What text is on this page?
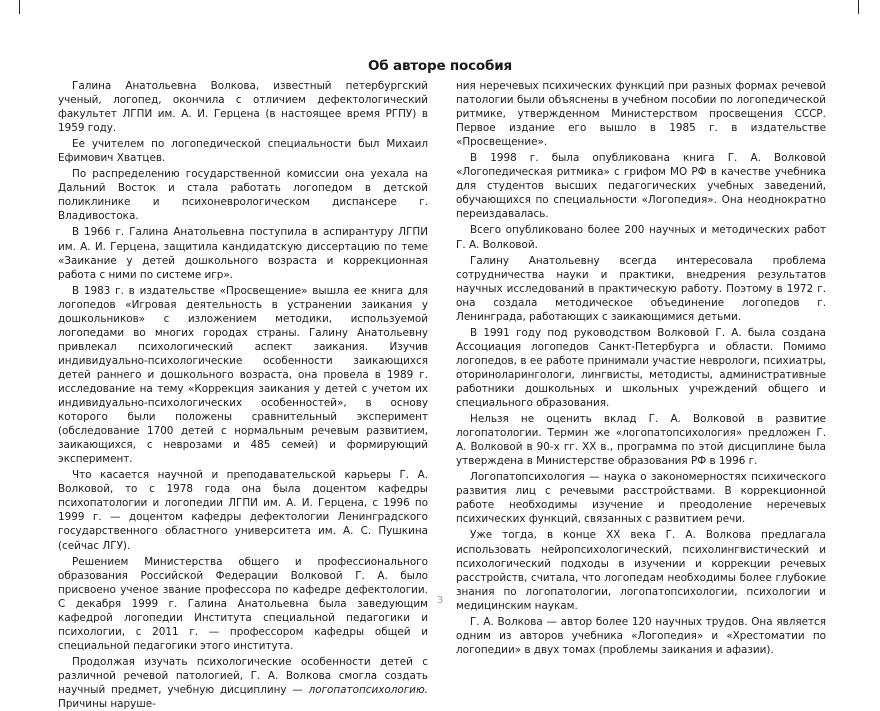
Об авторе пособия

Галина Анатольевна Волкова, известный петербургский ученый, логопед, окончила с отличием дефектологический факультет ЛГПИ им. А. И. Герцена (в настоящее время РГПУ) в 1959 году.

Ее учителем по логопедической специальности был Михаил Ефимович Хватцев.

По распределению государственной комиссии она уехала на Дальний Восток и стала работать логопедом в детской поликлинике и психоневрологическом диспансере г. Владивостока.

В 1966 г. Галина Анатольевна поступила в аспирантуру ЛГПИ им. А. И. Герцена, защитила кандидатскую диссертацию по теме «Заикание у детей дошкольного возраста и коррекционная работа с ними по системе игр».

В 1983 г. в издательстве «Просвещение» вышла ее книга для логопедов «Игровая деятельность в устранении заикания у дошкольников» с изложением методики, используемой логопедами во многих городах страны. Галину Анатольевну привлекал психологический аспект заикания. Изучив индивидуально-психологические особенности заикающихся детей раннего и дошкольного возраста, она провела в 1989 г. исследование на тему «Коррекция заикания у детей с учетом их индивидуально-психологических особенностей», в основу которого были положены сравнительный эксперимент (обследование 1700 детей с нормальным речевым развитием, заикающихся, с неврозами и 485 семей) и формирующий эксперимент.

Что касается научной и преподавательской карьеры Г. А. Волковой, то с 1978 года она была доцентом кафедры психопатологии и логопедии ЛГПИ им. А. И. Герцена, с 1996 по 1999 г. — доцентом кафедры дефектологии Ленинградского государственного областного университета им. А. С. Пушкина (сейчас ЛГУ).

Решением Министерства общего и профессионального образования Российской Федерации Волковой Г. А. было присвоено ученое звание профессора по кафедре дефектологии. С декабря 1999 г. Галина Анатольевна была заведующим кафедрой логопедии Института специальной педагогики и психологии, с 2011 г. — профессором кафедры общей и специальной педагогики этого института.

Продолжая изучать психологические особенности детей с различной речевой патологией, Г. А. Волкова смогла создать научный предмет, учебную дисциплину — логопатопсихологию. Причины наруше-

ния неречевых психических функций при разных формах речевой патологии были объяснены в учебном пособии по логопедической ритмике, утвержденном Министерством просвещения СССР. Первое издание его вышло в 1985 г. в издательстве «Просвещение».

В 1998 г. была опубликована книга Г. А. Волковой «Логопедическая ритмика» с грифом МО РФ в качестве учебника для студентов высших педагогических учебных заведений, обучающихся по специальности «Логопедия». Она неоднократно переиздавалась.

Всего опубликовано более 200 научных и методических работ Г. А. Волковой.

Галину Анатольевну всегда интересовала проблема сотрудничества науки и практики, внедрения результатов научных исследований в практическую работу. Поэтому в 1972 г. она создала методическое объединение логопедов г. Ленинграда, работающих с заикающимися детьми.

В 1991 году под руководством Волковой Г. А. была создана Ассоциация логопедов Санкт-Петербурга и области. Помимо логопедов, в ее работе принимали участие неврологи, психиатры, оториноларингологи, лингвисты, методисты, административные работники дошкольных и школьных учреждений общего и специального образования.

Нельзя не оценить вклад Г. А. Волковой в развитие логопатологии. Термин же «логопатопсихология» предложен Г. А. Волковой в 90-х гг. XX в., программа по этой дисциплине была утверждена в Министерстве образования РФ в 1996 г.

Логопатопсихология — наука о закономерностях психического развития лиц с речевыми расстройствами. В коррекционной работе необходимы изучение и преодоление неречевых психических функций, связанных с развитием речи.

Уже тогда, в конце XX века Г. А. Волкова предлагала использовать нейропсихологический, психолингвистический и психологический подходы в изучении и коррекции речевых расстройств, считала, что логопедам необходимы более глубокие знания по логопатологии, логопатопсихологии, психологии и медицинским наукам.

Г. А. Волкова — автор более 120 научных трудов. Она является одним из авторов учебника «Логопедия» и «Хрестоматии по логопедии» в двух томах (проблемы заикания и афазии).

3
